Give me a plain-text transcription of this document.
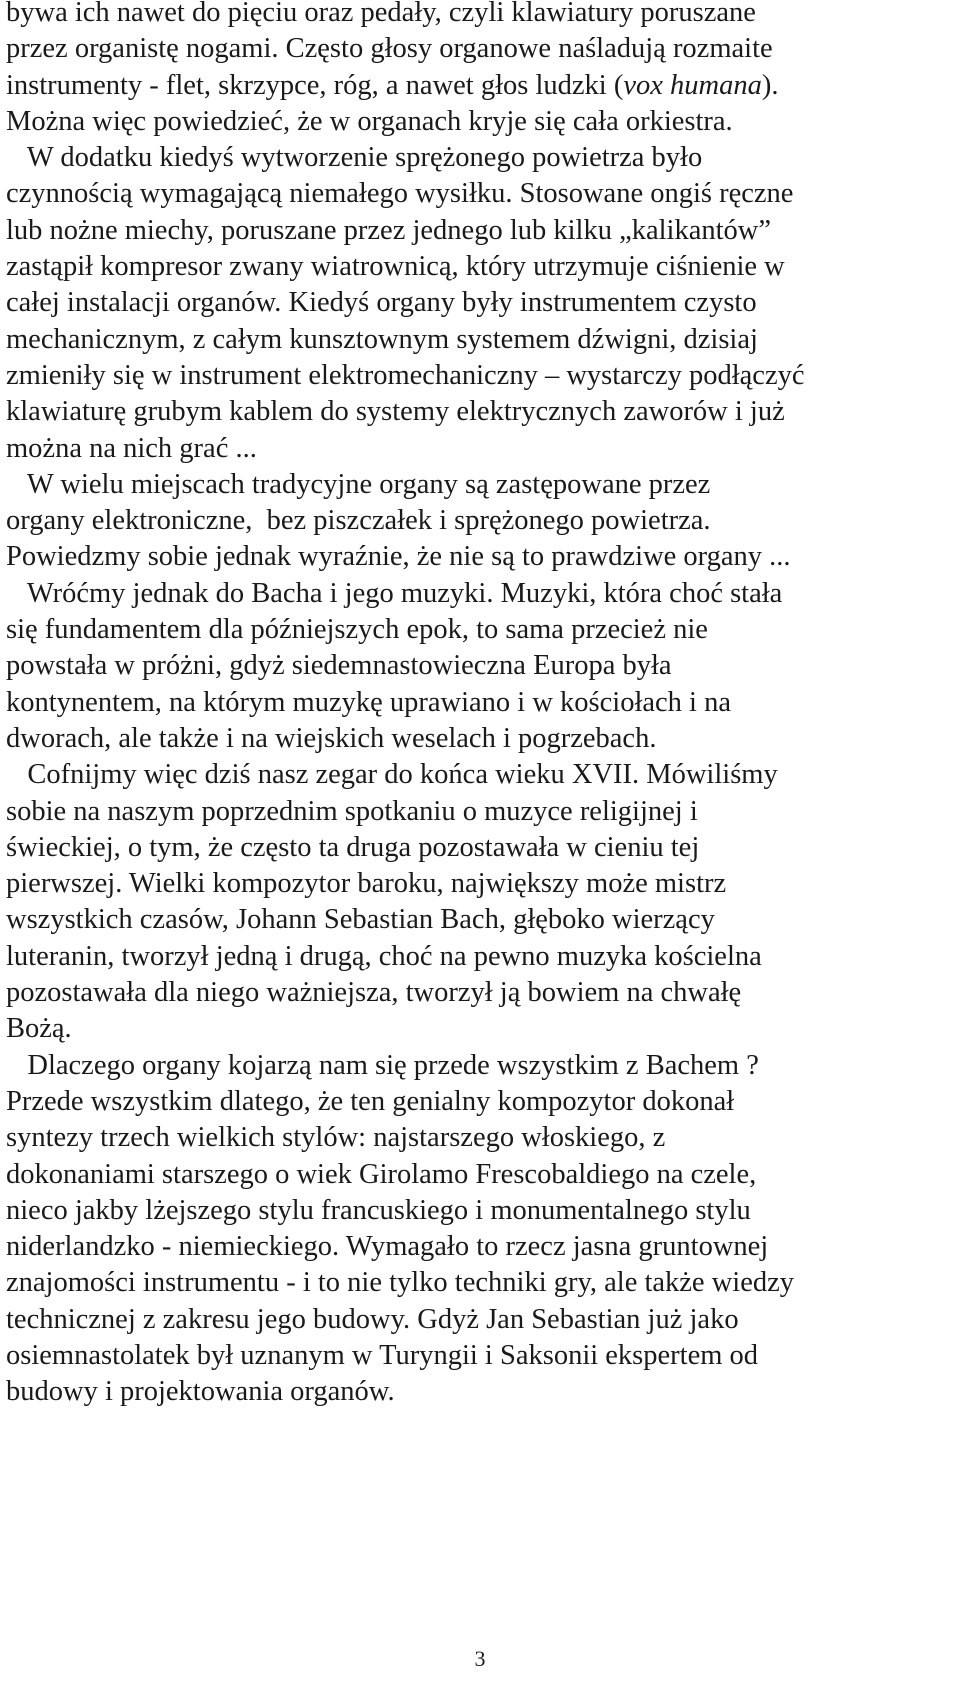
bywa ich nawet do pięciu oraz pedały, czyli klawiatury poruszane
przez organistę nogami. Często głosy organowe naśladują rozmaite
instrumenty - flet, skrzypce, róg, a nawet głos ludzki (vox humana).
Można więc powiedzieć, że w organach kryje się cała orkiestra.
W dodatku kiedyś wytworzenie sprężonego powietrza było
czynnością wymagającą niemałego wysiłku. Stosowane ongiś ręczne
lub nożne miechy, poruszane przez jednego lub kilku „kalikantów”
zastąpił kompresor zwany wiatrownicą, który utrzymuje ciśnienie w
całej instalacji organów. Kiedyś organy były instrumentem czysto
mechanicznym, z całym kunsztownym systemem dźwigni, dzisiaj
zmieniły się w instrument elektromechaniczny – wystarczy podłączyć
klawiaturę grubym kablem do systemy elektrycznych zaworów i już
można na nich grać ...
W wielu miejscach tradycyjne organy są zastępowane przez
organy elektroniczne,  bez piszczałek i sprężonego powietrza.
Powiedzmy sobie jednak wyraźnie, że nie są to prawdziwe organy ...
Wróćmy jednak do Bacha i jego muzyki. Muzyki, która choć stała
się fundamentem dla późniejszych epok, to sama przecież nie
powstała w próżni, gdyż siedemnastowieczna Europa była
kontynentem, na którym muzykę uprawiano i w kościołach i na
dworach, ale także i na wiejskich weselach i pogrzebach.
Cofnijmy więc dziś nasz zegar do końca wieku XVII. Mówiliśmy
sobie na naszym poprzednim spotkaniu o muzyce religijnej i
świeckiej, o tym, że często ta druga pozostawała w cieniu tej
pierwszej. Wielki kompozytor baroku, największy może mistrz
wszystkich czasów, Johann Sebastian Bach, głęboko wierzący
luteranin, tworzył jedną i drugą, choć na pewno muzyka kościelna
pozostawała dla niego ważniejsza, tworzył ją bowiem na chwałę
Bożą.
Dlaczego organy kojarzą nam się przede wszystkim z Bachem ?
Przede wszystkim dlatego, że ten genialny kompozytor dokonał
syntezy trzech wielkich stylów: najstarszego włoskiego, z
dokonaniami starszego o wiek Girolamo Frescobaldiego na czele,
nieco jakby lżejszego stylu francuskiego i monumentalnego stylu
niderlandzko - niemieckiego. Wymagało to rzecz jasna gruntownej
znajomości instrumentu - i to nie tylko techniki gry, ale także wiedzy
technicznej z zakresu jego budowy. Gdyż Jan Sebastian już jako
osiemnastolatek był uznanym w Turyngii i Saksonii ekspertem od
budowy i projektowania organów.
3
